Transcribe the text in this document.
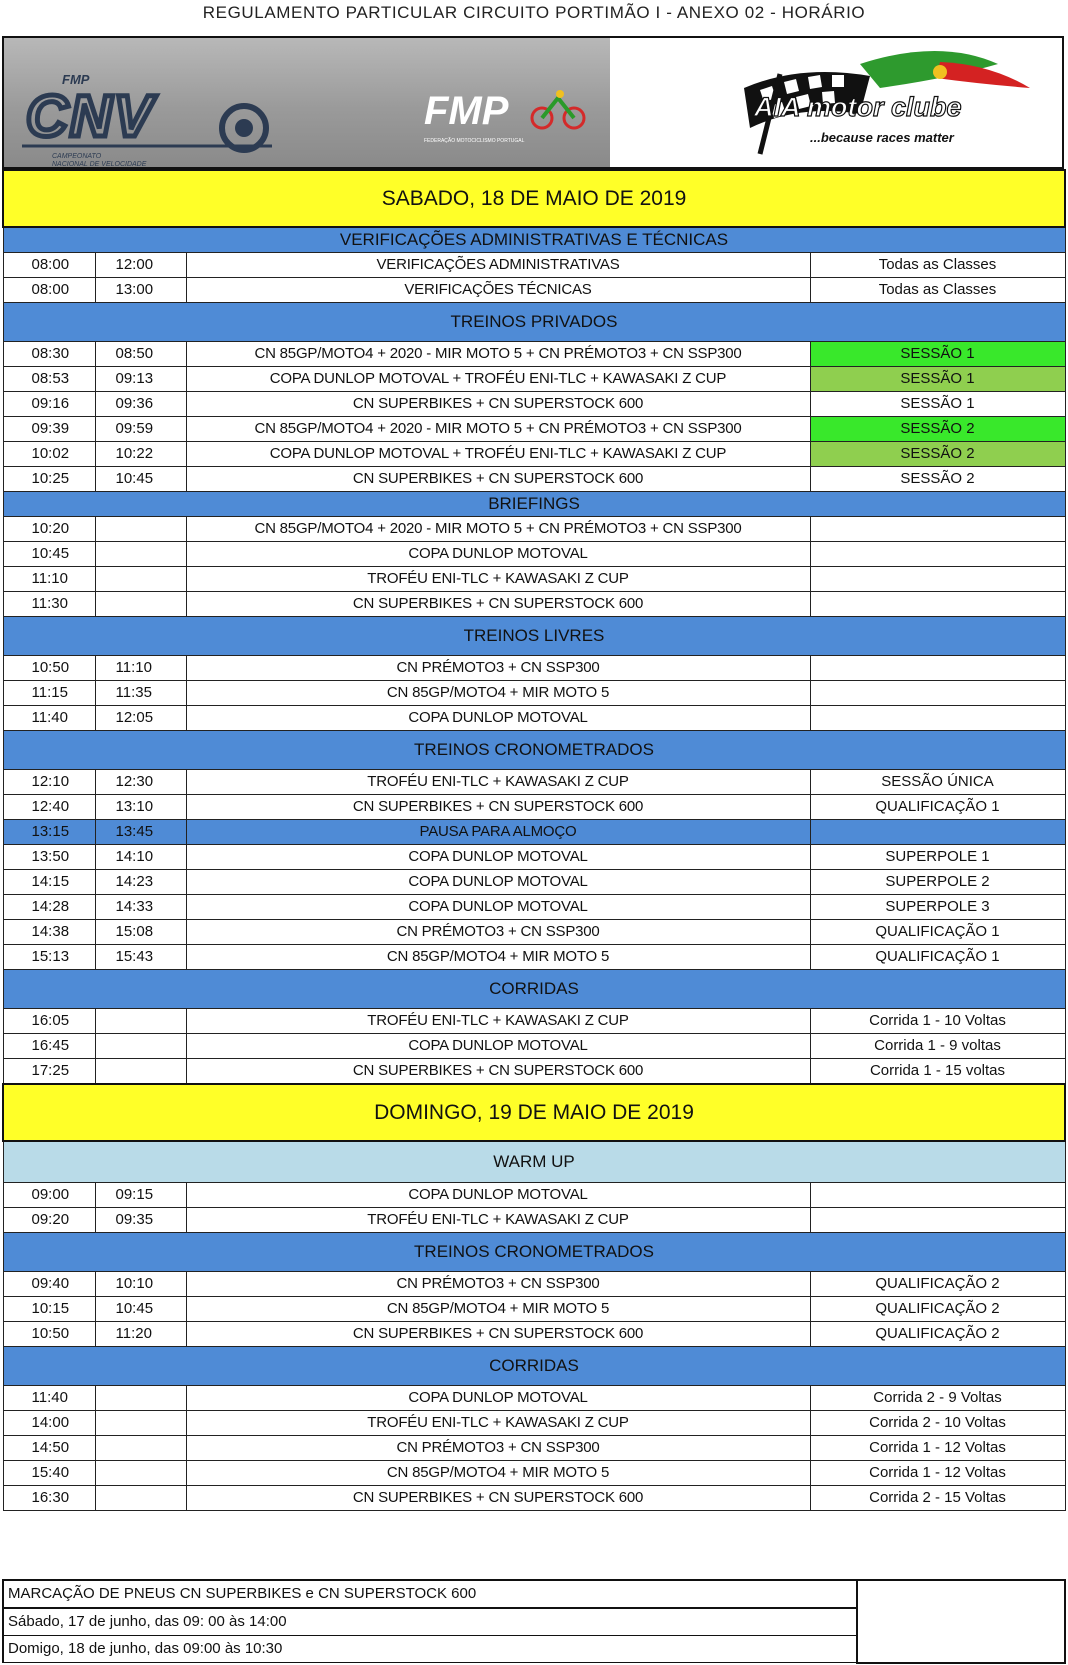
REGULAMENTO PARTICULAR CIRCUITO PORTIMÃO I - ANEXO 02 - HORÁRIO
FMP
CNV
CAMPEONATO
NACIONAL DE VELOCIDADE
FMP
FEDERAÇÃO MOTOCICLISMO PORTUGAL
AIA motor clube
...because races matter
SABADO, 18 DE MAIO DE 2019			
VERIFICAÇÕES ADMINISTRATIVAS E TÉCNICAS			
08:00	12:00	VERIFICAÇÕES ADMINISTRATIVAS	Todas as Classes
08:00	13:00	VERIFICAÇÕES TÉCNICAS	Todas as Classes
TREINOS PRIVADOS			
08:30	08:50	CN 85GP/MOTO4 + 2020 - MIR MOTO 5 + CN PRÉMOTO3 + CN SSP300	SESSÃO 1
08:53	09:13	COPA DUNLOP MOTOVAL + TROFÉU ENI-TLC + KAWASAKI Z CUP	SESSÃO 1
09:16	09:36	CN SUPERBIKES + CN SUPERSTOCK 600	SESSÃO 1
09:39	09:59	CN 85GP/MOTO4 + 2020 - MIR MOTO 5 + CN PRÉMOTO3 + CN SSP300	SESSÃO 2
10:02	10:22	COPA DUNLOP MOTOVAL + TROFÉU ENI-TLC + KAWASAKI Z CUP	SESSÃO 2
10:25	10:45	CN SUPERBIKES + CN SUPERSTOCK 600	SESSÃO 2
BRIEFINGS			
10:20		CN 85GP/MOTO4 + 2020 - MIR MOTO 5 + CN PRÉMOTO3 + CN SSP300	
10:45		COPA DUNLOP MOTOVAL	
11:10		TROFÉU ENI-TLC + KAWASAKI Z CUP	
11:30		CN SUPERBIKES + CN SUPERSTOCK 600	
TREINOS LIVRES			
10:50	11:10	CN PRÉMOTO3 + CN SSP300	
11:15	11:35	CN 85GP/MOTO4 + MIR MOTO 5	
11:40	12:05	COPA DUNLOP MOTOVAL	
TREINOS CRONOMETRADOS			
12:10	12:30	TROFÉU ENI-TLC + KAWASAKI Z CUP	SESSÃO ÚNICA
12:40	13:10	CN SUPERBIKES + CN SUPERSTOCK 600	QUALIFICAÇÃO 1
13:15	13:45	PAUSA PARA ALMOÇO	
13:50	14:10	COPA DUNLOP MOTOVAL	SUPERPOLE 1
14:15	14:23	COPA DUNLOP MOTOVAL	SUPERPOLE 2
14:28	14:33	COPA DUNLOP MOTOVAL	SUPERPOLE 3
14:38	15:08	CN PRÉMOTO3 + CN SSP300	QUALIFICAÇÃO 1
15:13	15:43	CN 85GP/MOTO4 + MIR MOTO 5	QUALIFICAÇÃO 1
CORRIDAS			
16:05		TROFÉU ENI-TLC + KAWASAKI Z CUP	Corrida 1 - 10 Voltas
16:45		COPA DUNLOP MOTOVAL	Corrida 1 - 9 voltas
17:25		CN SUPERBIKES + CN SUPERSTOCK 600	Corrida 1 - 15 voltas
DOMINGO, 19 DE MAIO DE 2019			
WARM UP			
09:00	09:15	COPA DUNLOP MOTOVAL	
09:20	09:35	TROFÉU ENI-TLC + KAWASAKI Z CUP	
TREINOS CRONOMETRADOS			
09:40	10:10	CN PRÉMOTO3 + CN SSP300	QUALIFICAÇÃO 2
10:15	10:45	CN 85GP/MOTO4 + MIR MOTO 5	QUALIFICAÇÃO 2
10:50	11:20	CN SUPERBIKES + CN SUPERSTOCK 600	QUALIFICAÇÃO 2
CORRIDAS			
11:40		COPA DUNLOP MOTOVAL	Corrida 2 - 9 Voltas
14:00		TROFÉU ENI-TLC + KAWASAKI Z CUP	Corrida 2 - 10 Voltas
14:50		CN PRÉMOTO3 + CN SSP300	Corrida 1 - 12 Voltas
15:40		CN 85GP/MOTO4 + MIR MOTO 5	Corrida 1 - 12 Voltas
16:30		CN SUPERBIKES + CN SUPERSTOCK 600	Corrida 2 - 15 Voltas
MARCAÇÃO DE PNEUS CN SUPERBIKES e CN SUPERSTOCK 600	
Sábado, 17 de junho, das 09: 00 às 14:00
Domigo, 18 de junho, das 09:00 às 10:30
